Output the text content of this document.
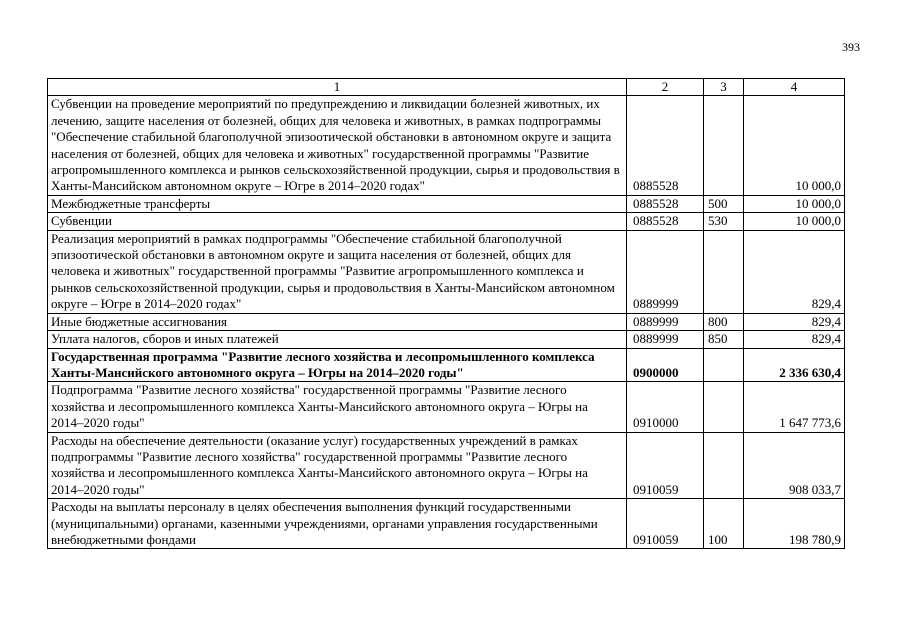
393
1	2	3	4
Субвенции на проведение мероприятий по предупреждению и ликвидации болезней животных, их лечению, защите населения от болезней, общих для человека и животных, в рамках подпрограммы "Обеспечение стабильной благополучной эпизоотической обстановки в автономном округе и защита населения от болезней, общих для человека и животных" государственной программы "Развитие агропромышленного комплекса и рынков сельскохозяйственной продукции, сырья и продовольствия в Ханты-Мансийском автономном округе – Югре в 2014–2020 годах"	0885528		10 000,0
Межбюджетные трансферты	0885528	500	10 000,0
Субвенции	0885528	530	10 000,0
Реализация мероприятий в рамках подпрограммы "Обеспечение стабильной благополучной эпизоотической обстановки в автономном округе и защита населения от болезней, общих для человека и животных" государственной программы "Развитие агропромышленного комплекса и рынков сельскохозяйственной продукции, сырья и продовольствия в Ханты-Мансийском автономном округе – Югре в 2014–2020 годах"	0889999		829,4
Иные бюджетные ассигнования	0889999	800	829,4
Уплата налогов, сборов и иных платежей	0889999	850	829,4
Государственная программа "Развитие лесного хозяйства и лесопромышленного комплекса Ханты-Мансийского автономного округа – Югры на 2014–2020 годы"	0900000		2 336 630,4
Подпрограмма "Развитие лесного хозяйства" государственной программы "Развитие лесного хозяйства и лесопромышленного комплекса Ханты-Мансийского автономного округа – Югры на 2014–2020 годы"	0910000		1 647 773,6
Расходы на обеспечение деятельности (оказание услуг) государственных учреждений в рамках подпрограммы "Развитие лесного хозяйства" государственной программы "Развитие лесного хозяйства и лесопромышленного комплекса Ханты-Мансийского автономного округа – Югры на 2014–2020 годы"	0910059		908 033,7
Расходы на выплаты персоналу в целях обеспечения выполнения функций государственными (муниципальными) органами, казенными учреждениями, органами управления государственными внебюджетными фондами	0910059	100	198 780,9
